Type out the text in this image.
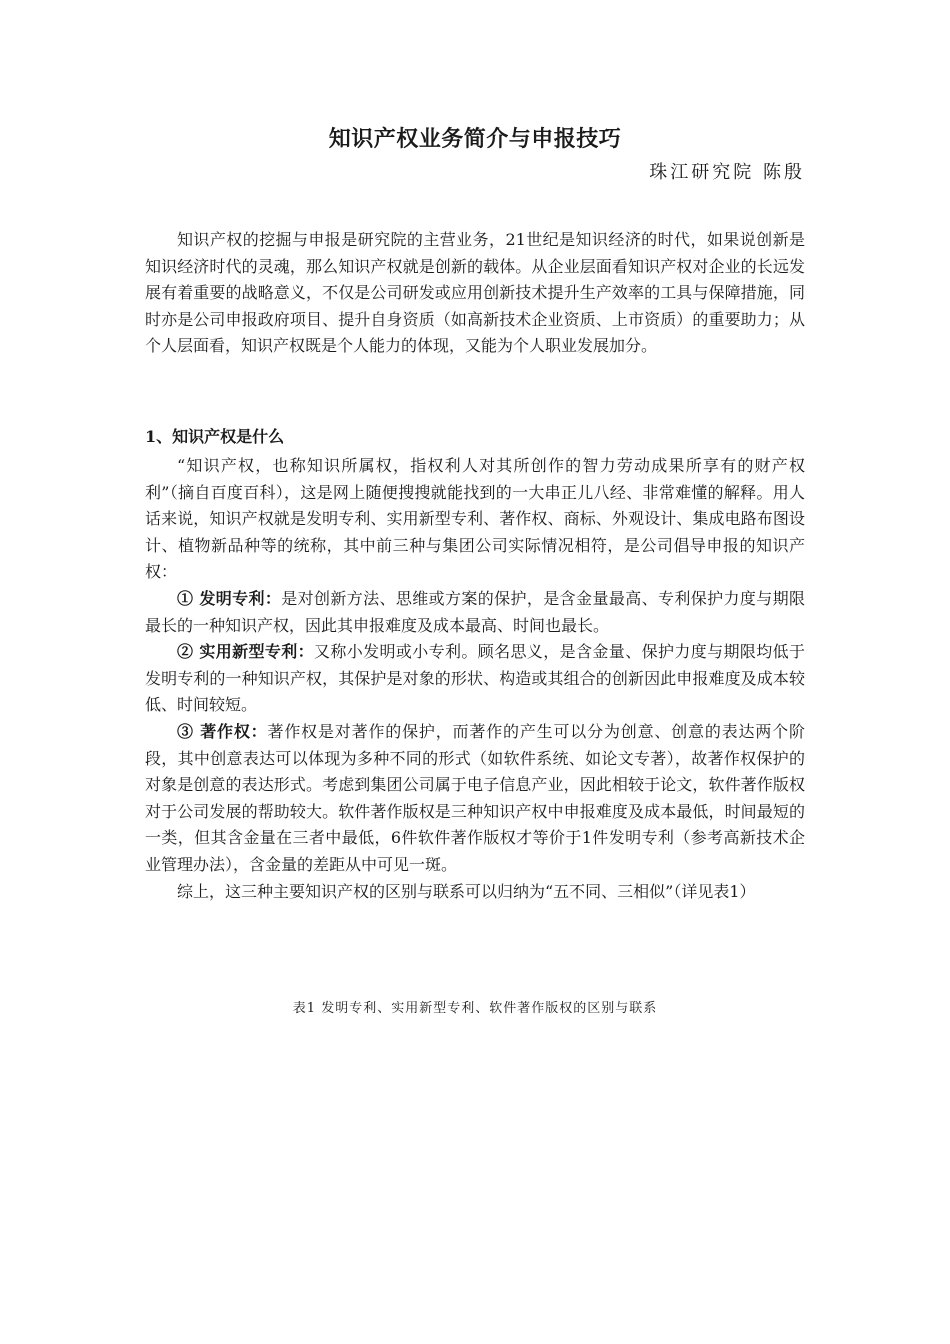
知识产权业务简介与申报技巧
珠江研究院 陈殷

知识产权的挖掘与申报是研究院的主营业务，21世纪是知识经济的时代，如果说创新是知识经济时代的灵魂，那么知识产权就是创新的载体。从企业层面看知识产权对企业的长远发展有着重要的战略意义，不仅是公司研发或应用创新技术提升生产效率的工具与保障措施，同时亦是公司申报政府项目、提升自身资质（如高新技术企业资质、上市资质）的重要助力；从个人层面看，知识产权既是个人能力的体现，又能为个人职业发展加分。

1、知识产权是什么

“知识产权，也称知识所属权，指权利人对其所创作的智力劳动成果所享有的财产权利”（摘自百度百科），这是网上随便搜搜就能找到的一大串正儿八经、非常难懂的解释。用人话来说，知识产权就是发明专利、实用新型专利、著作权、商标、外观设计、集成电路布图设计、植物新品种等的统称，其中前三种与集团公司实际情况相符，是公司倡导申报的知识产权：

① 发明专利：是对创新方法、思维或方案的保护，是含金量最高、专利保护力度与期限最长的一种知识产权，因此其申报难度及成本最高、时间也最长。

② 实用新型专利：又称小发明或小专利。顾名思义，是含金量、保护力度与期限均低于发明专利的一种知识产权，其保护是对象的形状、构造或其组合的创新因此申报难度及成本较低、时间较短。

③ 著作权：著作权是对著作的保护，而著作的产生可以分为创意、创意的表达两个阶段，其中创意表达可以体现为多种不同的形式（如软件系统、如论文专著），故著作权保护的对象是创意的表达形式。考虑到集团公司属于电子信息产业，因此相较于论文，软件著作版权对于公司发展的帮助较大。软件著作版权是三种知识产权中申报难度及成本最低，时间最短的一类，但其含金量在三者中最低，6件软件著作版权才等价于1件发明专利（参考高新技术企业管理办法），含金量的差距从中可见一斑。

综上，这三种主要知识产权的区别与联系可以归纳为“五不同、三相似”（详见表1）

表1 发明专利、实用新型专利、软件著作版权的区别与联系
